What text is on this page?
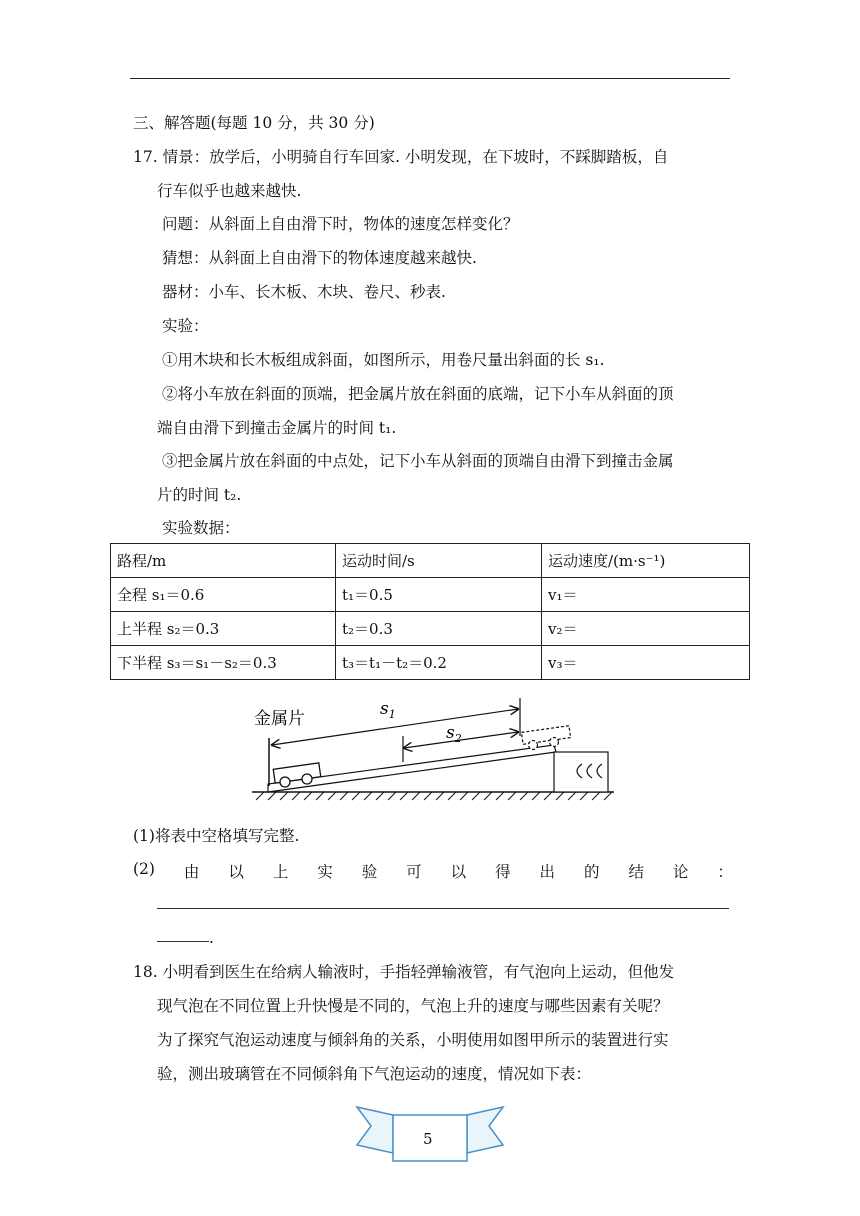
三、解答题(每题 10 分，共 30 分)
17. 情景：放学后，小明骑自行车回家. 小明发现，在下坡时，不踩脚踏板，自
行车似乎也越来越快.
问题：从斜面上自由滑下时，物体的速度怎样变化？
猜想：从斜面上自由滑下的物体速度越来越快.
器材：小车、长木板、木块、卷尺、秒表.
实验：
①用木块和长木板组成斜面，如图所示，用卷尺量出斜面的长 s₁.
②将小车放在斜面的顶端，把金属片放在斜面的底端，记下小车从斜面的顶
端自由滑下到撞击金属片的时间 t₁.
③把金属片放在斜面的中点处，记下小车从斜面的顶端自由滑下到撞击金属
片的时间 t₂.
实验数据：
路程/m	运动时间/s	运动速度/(m·s⁻¹)
全程 s₁＝0.6	t₁＝0.5	v₁＝
上半程 s₂＝0.3	t₂＝0.3	v₂＝
下半程 s₃＝s₁－s₂＝0.3	t₃＝t₁－t₂＝0.2	v₃＝
金属片	$s_1$
$s_2$
(1)将表中空格填写完整.
(2) 由 以 上 实 验 可 以 得 出 的 结 论 ：
.
18. 小明看到医生在给病人输液时，手指轻弹输液管，有气泡向上运动，但他发
现气泡在不同位置上升快慢是不同的，气泡上升的速度与哪些因素有关呢？
为了探究气泡运动速度与倾斜角的关系，小明使用如图甲所示的装置进行实
验，测出玻璃管在不同倾斜角下气泡运动的速度，情况如下表：
5
